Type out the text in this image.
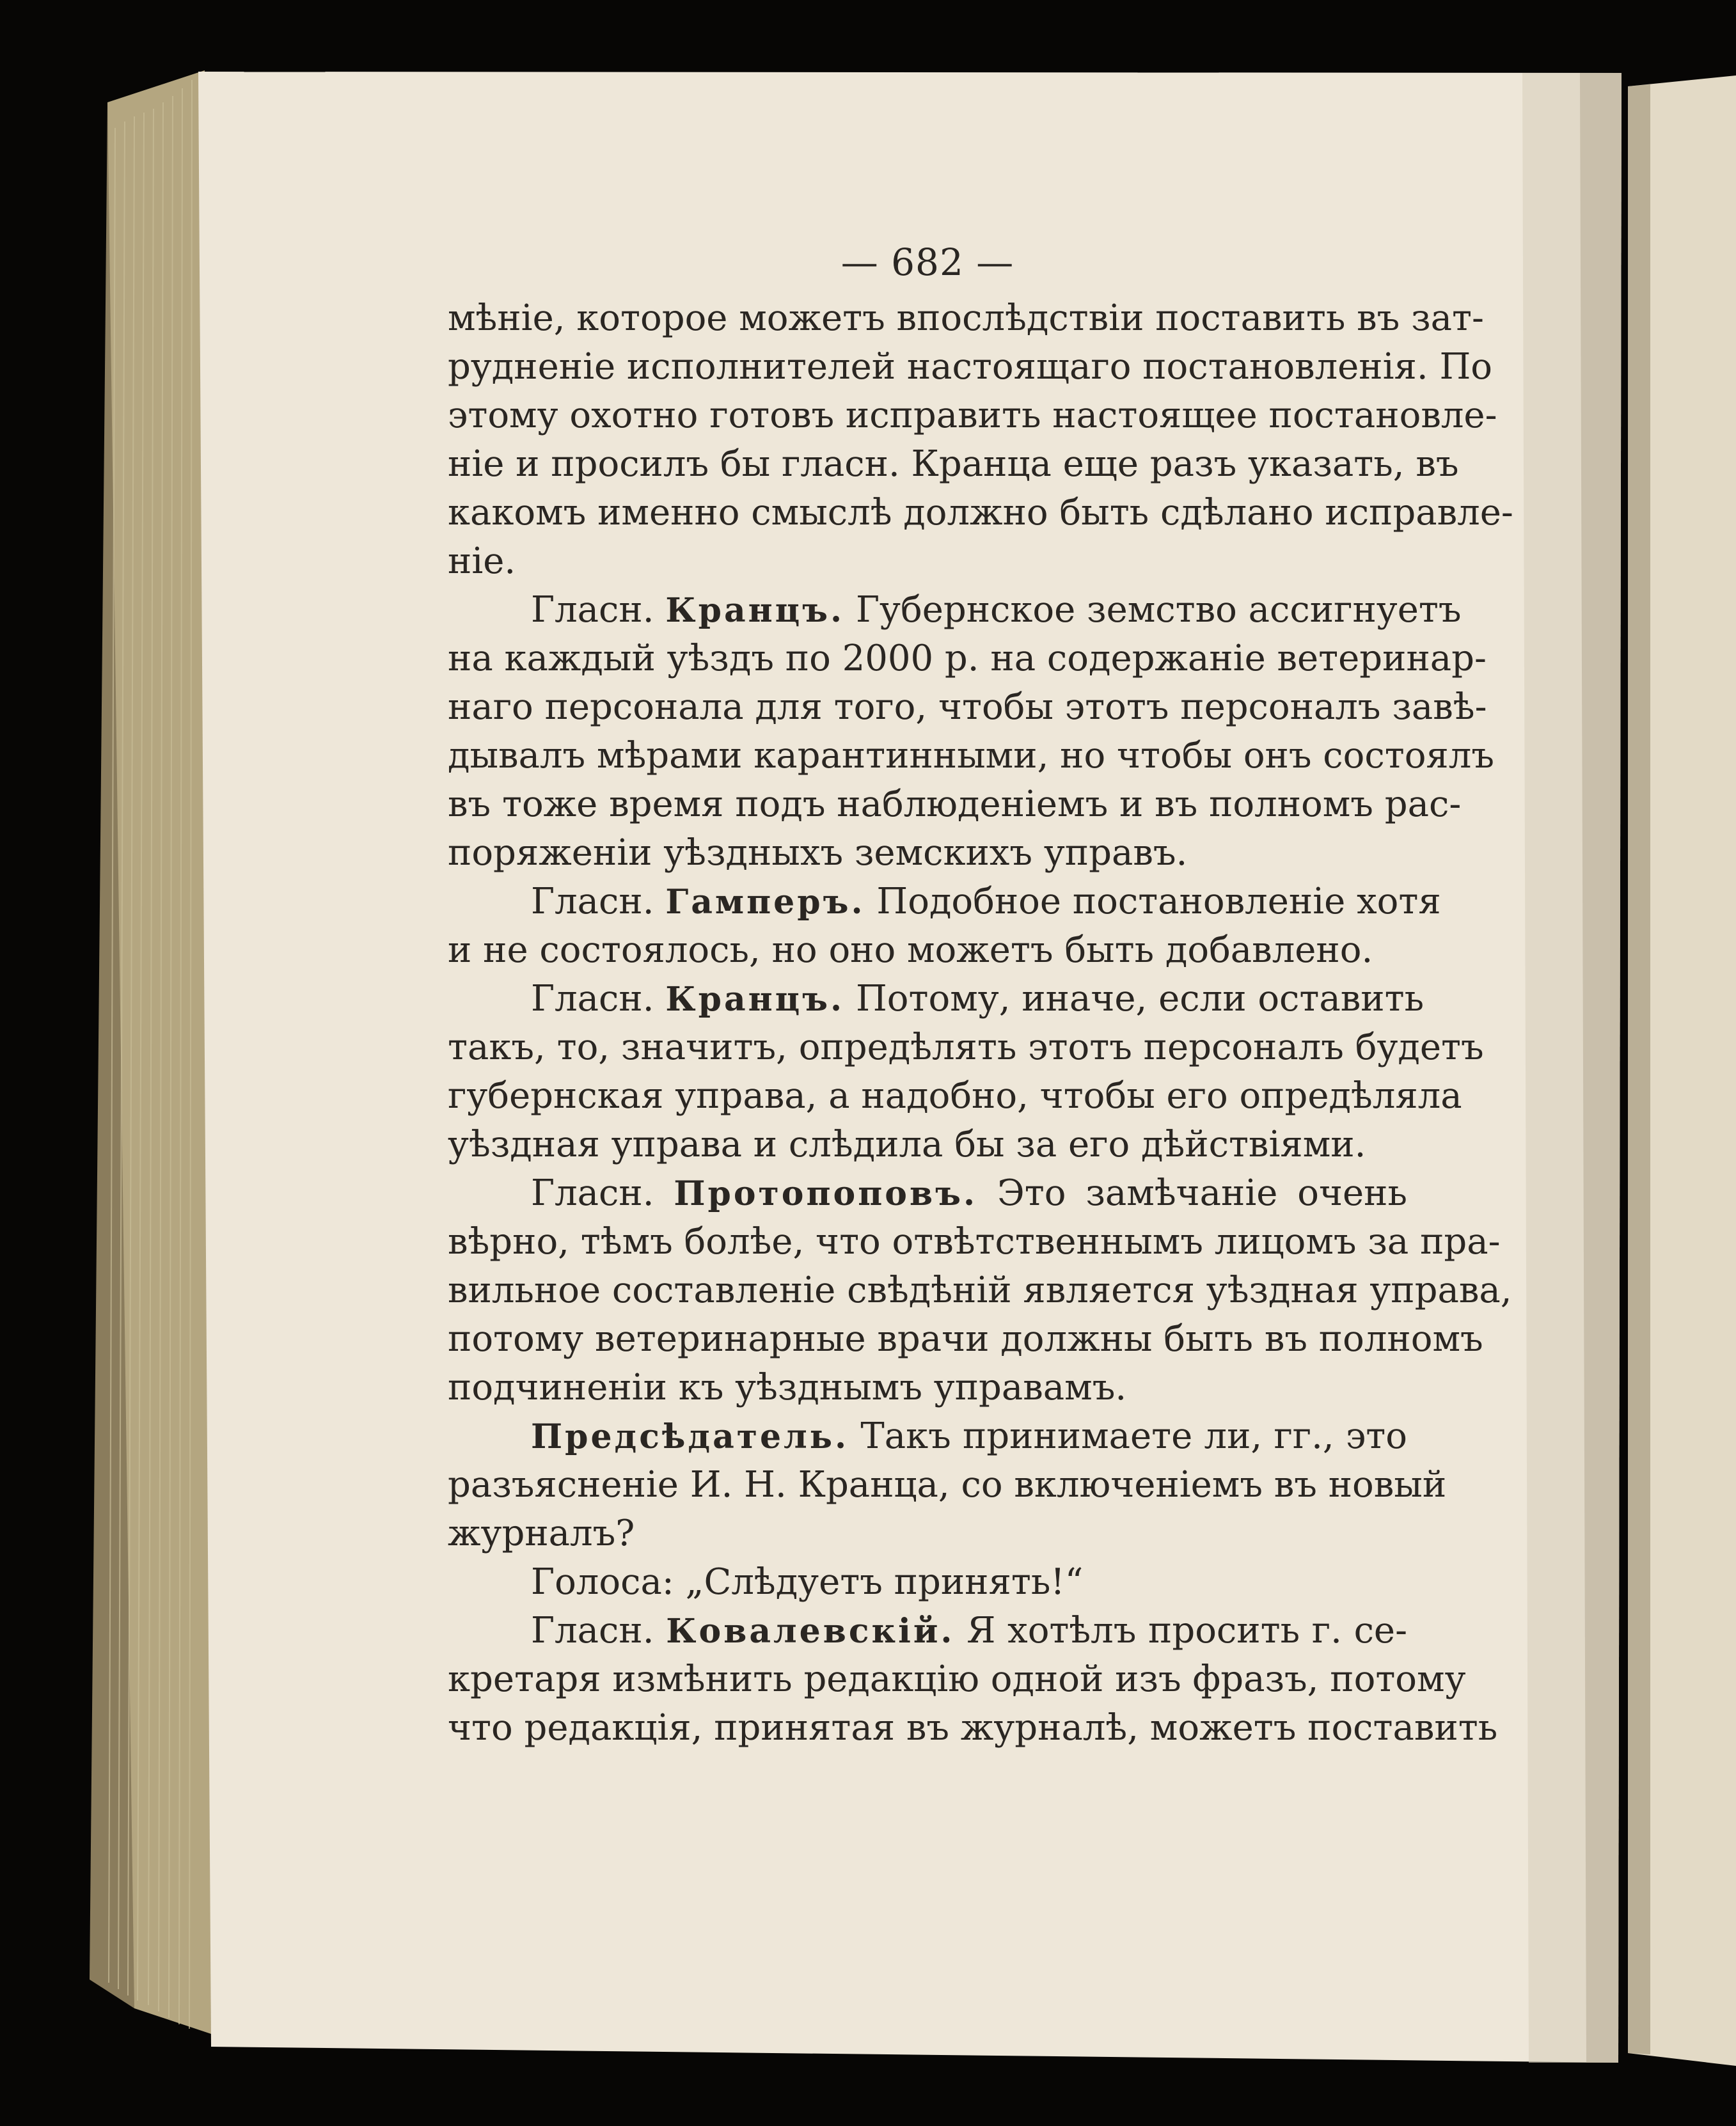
— 682 —
мѣніе, которое можетъ впослѣдствіи поставить въ зат-
рудненіе исполнителей настоящаго постановленія. По
этому охотно готовъ исправить настоящее постановле-
ніе и просилъ бы гласн. Кранца еще разъ указать, въ
какомъ именно смыслѣ должно быть сдѣлано исправле-
ніе.
Гласн. Кранцъ. Губернское земство ассигнуетъ
на каждый уѣздъ по 2000 р. на содержаніе ветеринар-
наго персонала для того, чтобы этотъ персоналъ завѣ-
дывалъ мѣрами карантинными, но чтобы онъ состоялъ
въ тоже время подъ наблюденіемъ и въ полномъ рас-
поряженіи уѣздныхъ земскихъ управъ.
Гласн. Гамперъ. Подобное постановленіе хотя
и не состоялось, но оно можетъ быть добавлено.
Гласн. Кранцъ. Потому, иначе, если оставить
такъ, то, значитъ, опредѣлять этотъ персоналъ будетъ
губернская управа, а надобно, чтобы его опредѣляла
уѣздная управа и слѣдила бы за его дѣйствіями.
Гласн. Протопоповъ. Это замѣчаніе очень
вѣрно, тѣмъ болѣе, что отвѣтственнымъ лицомъ за пра-
вильное составленіе свѣдѣній является уѣздная управа,
потому ветеринарные врачи должны быть въ полномъ
подчиненіи къ уѣзднымъ управамъ.
Предсѣдатель. Такъ принимаете ли, гг., это
разъясненіе И. Н. Кранца, со включеніемъ въ новый
журналъ?
Голоса: „Слѣдуетъ принять!“
Гласн. Ковалевскій. Я хотѣлъ просить г. се-
кретаря измѣнить редакцію одной изъ фразъ, потому
что редакція, принятая въ журналѣ, можетъ поставить
